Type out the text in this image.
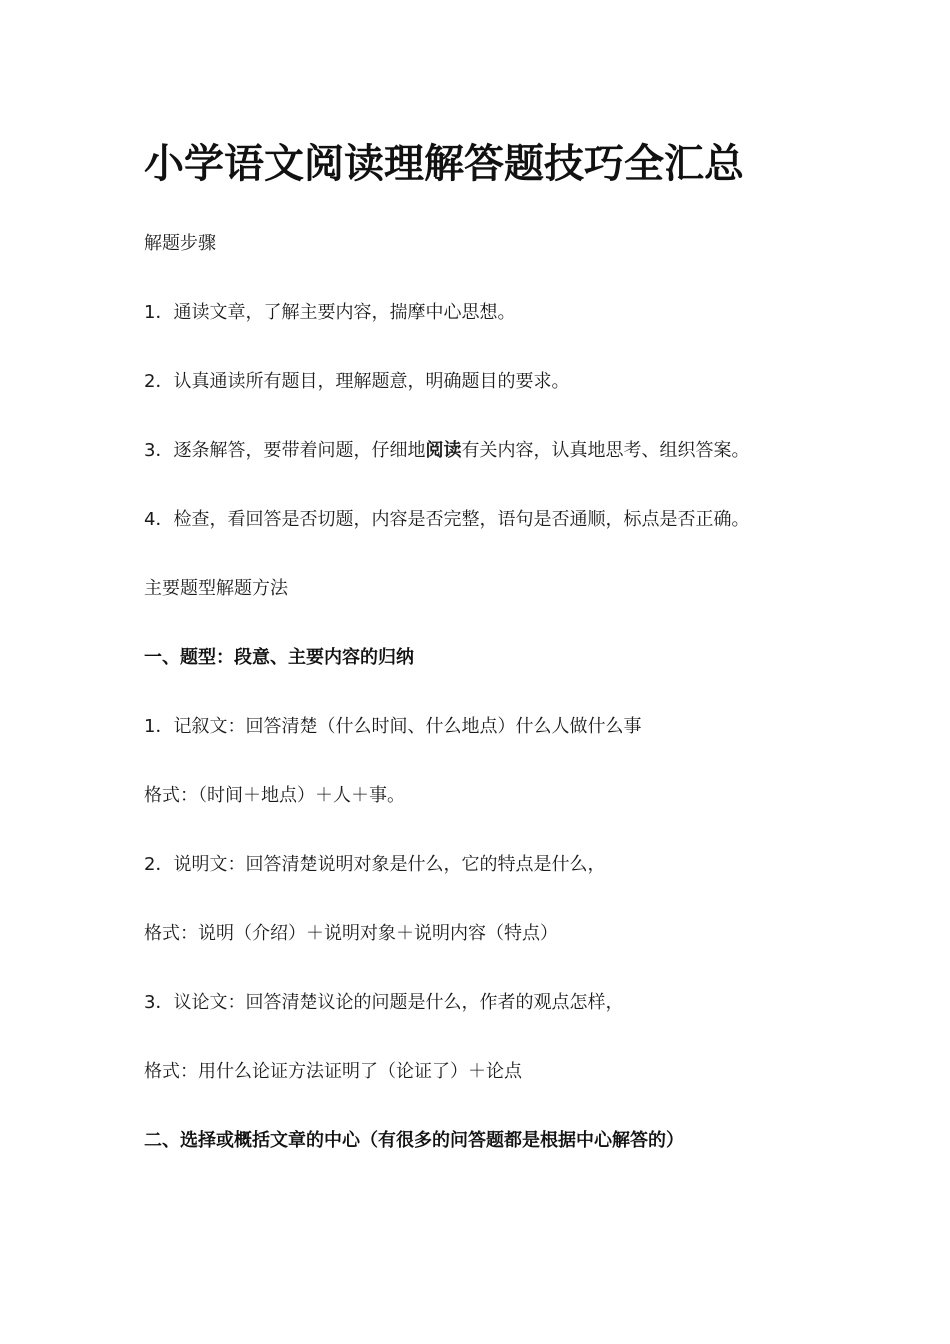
小学语文阅读理解答题技巧全汇总

解题步骤

1．通读文章，了解主要内容，揣摩中心思想。

2．认真通读所有题目，理解题意，明确题目的要求。

3．逐条解答，要带着问题，仔细地阅读有关内容，认真地思考、组织答案。

4．检查，看回答是否切题，内容是否完整，语句是否通顺，标点是否正确。

主要题型解题方法

一、题型：段意、主要内容的归纳

1．记叙文：回答清楚（什么时间、什么地点）什么人做什么事

格式：（时间＋地点）＋人＋事。

2．说明文：回答清楚说明对象是什么，它的特点是什么，

格式：说明（介绍）＋说明对象＋说明内容（特点）

3．议论文：回答清楚议论的问题是什么，作者的观点怎样，

格式：用什么论证方法证明了（论证了）＋论点

二、选择或概括文章的中心（有很多的问答题都是根据中心解答的）
